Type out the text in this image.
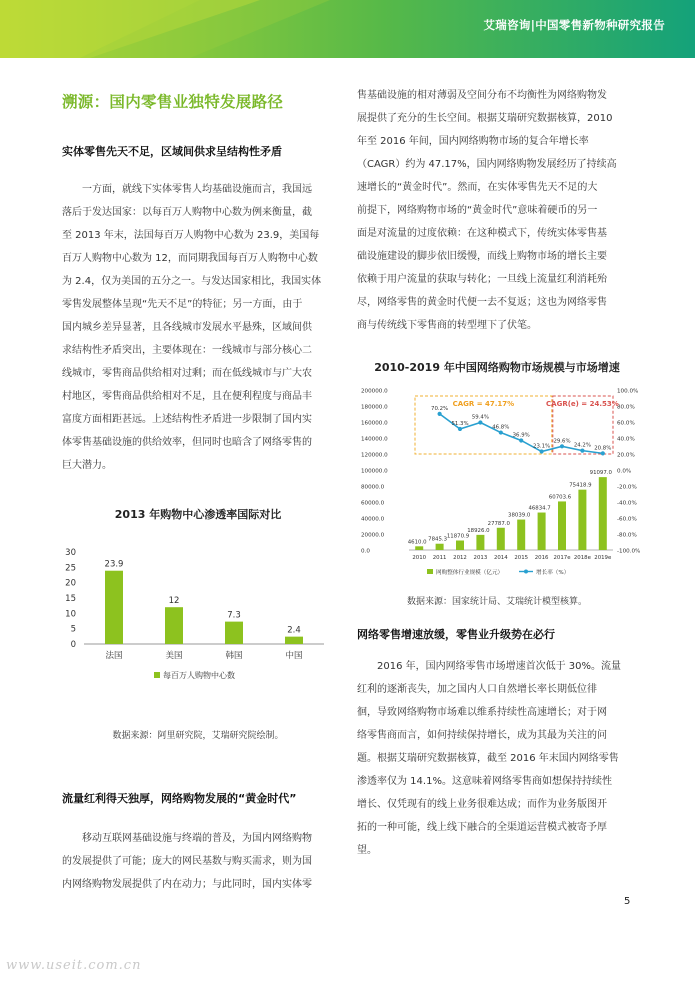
艾瑞咨询|中国零售新物种研究报告
溯源：国内零售业独特发展路径
实体零售先天不足，区域间供求呈结构性矛盾

一方面，就线下实体零售人均基础设施而言，我国远

落后于发达国家：以每百万人购物中心数为例来衡量，截

至 2013 年末，法国每百万人购物中心数为 23.9，美国每

百万人购物中心数为 12，而同期我国每百万人购物中心数

为 2.4，仅为美国的五分之一。与发达国家相比，我国实体

零售发展整体呈现“先天不足”的特征；另一方面，由于

国内城乡差异显著，且各线城市发展水平悬殊，区域间供

求结构性矛盾突出，主要体现在：一线城市与部分核心二

线城市，零售商品供给相对过剩；而在低线城市与广大农

村地区，零售商品供给相对不足，且在便利程度与商品丰

富度方面相距甚远。上述结构性矛盾进一步限制了国内实

体零售基础设施的供给效率，但同时也暗含了网络零售的

巨大潜力。

2013 年购物中心渗透率国际对比
30
25
20
15
10
5
0
23.9
法国
12
美国
7.3
韩国
2.4
中国
每百万人购物中心数

数据来源：阿里研究院，艾瑞研究院绘制。

流量红利得天独厚，网络购物发展的“黄金时代”

移动互联网基础设施与终端的普及，为国内网络购物

的发展提供了可能；庞大的网民基数与购买需求，则为国

内网络购物发展提供了内在动力；与此同时，国内实体零

售基础设施的相对薄弱及空间分布不均衡性为网络购物发

展提供了充分的生长空间。根据艾瑞研究数据核算，2010

年至 2016 年间，国内网络购物市场的复合年增长率

（CAGR）约为 47.17%，国内网络购物发展经历了持续高

速增长的“黄金时代”。然而，在实体零售先天不足的大

前提下，网络购物市场的“黄金时代”意味着硬币的另一

面是对流量的过度依赖：在这种模式下，传统实体零售基

础设施建设的脚步依旧缓慢，而线上购物市场的增长主要

依赖于用户流量的获取与转化；一旦线上流量红利消耗殆

尽，网络零售的黄金时代便一去不复返；这也为网络零售

商与传统线下零售商的转型埋下了伏笔。

2010-2019 年中国网络购物市场规模与市场增速
200000.0
180000.0
160000.0
140000.0
120000.0
100000.0
80000.0
60000.0
40000.0
20000.0
0.0
100.0%
80.0%
60.0%
40.0%
20.0%
0.0%
-20.0%
-40.0%
-60.0%
-80.0%
-100.0%
4610.0
2010
7845.3
2011
11870.9
2012
18926.0
2013
27787.0
2014
38039.0
2015
46834.7
2016
60703.6
2017e
75418.9
2018e
91097.0
2019e
CAGR = 47.17%	CAGR(e) = 24.53%
70.2%
51.3%
59.4%
46.8%
36.9%
23.1%
29.6%
24.2% 20.8%
网购整体行业规模（亿元）	增长率（%）

数据来源：国家统计局、艾瑞统计模型核算。

网络零售增速放缓，零售业升级势在必行

2016 年，国内网络零售市场增速首次低于 30%。流量

红利的逐渐丧失，加之国内人口自然增长率长期低位徘

徊，导致网络购物市场难以维系持续性高速增长；对于网

络零售商而言，如何持续保持增长，成为其最为关注的问

题。根据艾瑞研究数据核算，截至 2016 年末国内网络零售

渗透率仅为 14.1%。这意味着网络零售商如想保持持续性

增长、仅凭现有的线上业务很难达成；而作为业务版图开

拓的一种可能，线上线下融合的全渠道运营模式被寄予厚

望。

5
www.useit.com.cn
